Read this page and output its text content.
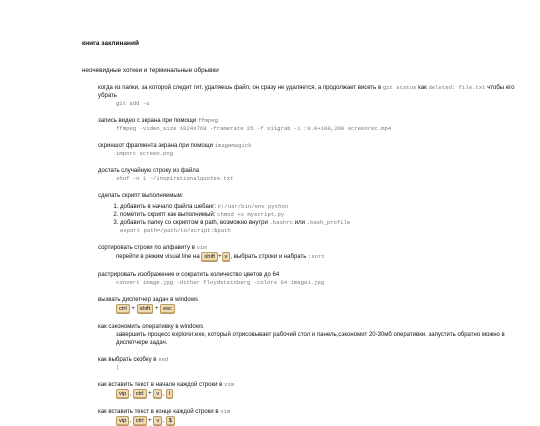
книга заклинаний
неочевидные хоткеи и терминальные обрывки
когда из папки, за которой следит гит, удаляешь файл, он сразу не удаляется, а продолжает висеть в git status как deleted: file.txt чтобы его убрать
git add -u
запись видео с экрана при помощи ffmpeg
ffmpeg -video_size 1024x768 -framerate 25 -f x11grab -i :0.0+100,200 screenrec.mp4
скриншот фрагмента экрана при помощи imagemagick
import screen.png
достать случайную строку из файла
shuf -n 1 ~/inspirationalquotes.txt
сделать скрипт выполняемым:
1. добавить в начало файла шебанг: #!/usr/bin/env python
2. пометить скрипт как выполнимый: chmod +x myscript.py
3. добавить папку со скриптом в path, возможно внутри .bashrc или .bash_profile
export path=/path/to/script:$path
сортировать строки по алфавиту в vim
перейти в режим visual line на shift + v , выбрать строки и набрать :sort
растрировать изображение и сократить количество цветов до 64
convert image.jpg -dither floydsteinberg -colors 64 image1.jpg
вызвать диспетчер задач в windows
ctrl + shift + esc
как сэкономить оперативку в windows
завершить процесс explorer.exe, который отрисовывает рабочий стол и панель,сэкономит 20-30мб оперативки. запустить обратно можно в диспетчере задач.
как выбрать скобку в sed
(
как вставить текст в начале каждой строки в vim
vip , ctrl + v , I
как вставить текст в конце каждой строки в vim
vip , ctrl + v , $
